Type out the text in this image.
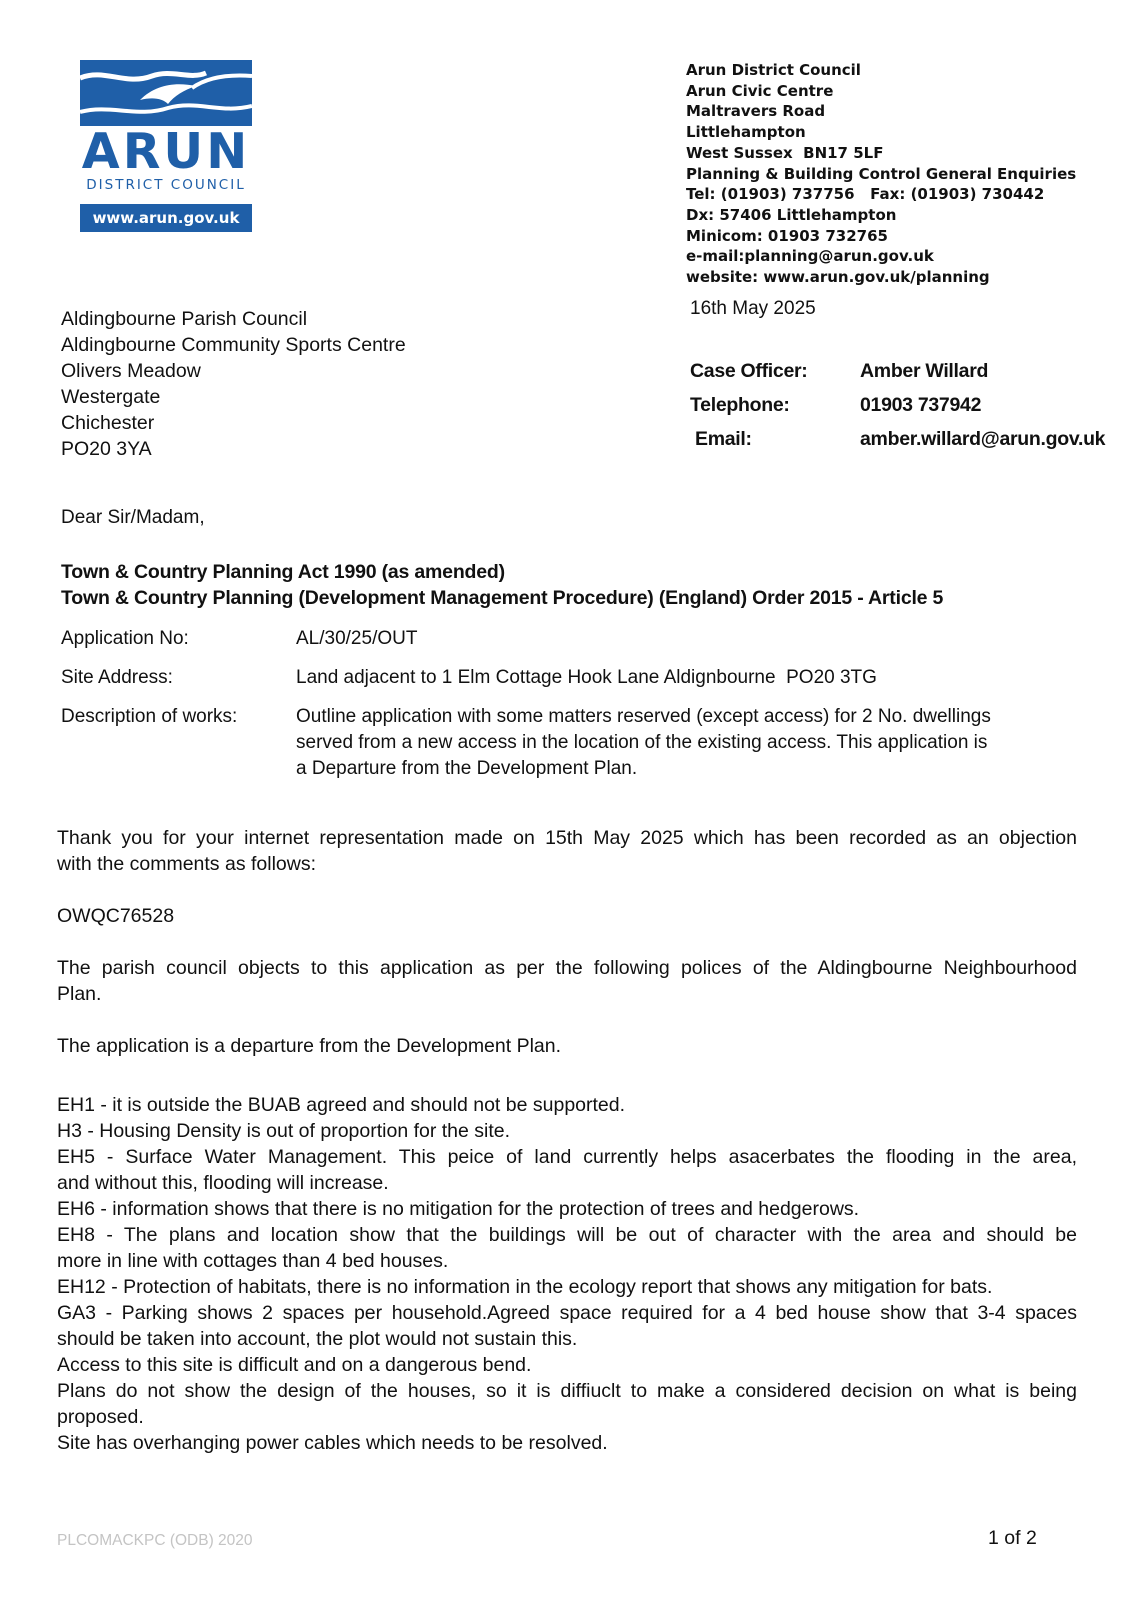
ARUN
DISTRICT COUNCIL
www.arun.gov.uk
Arun District Council
Arun Civic Centre
Maltravers Road
Littlehampton
West Sussex  BN17 5LF
Planning & Building Control General Enquiries
Tel: (01903) 737756   Fax: (01903) 730442
Dx: 57406 Littlehampton
Minicom: 01903 732765
e-mail:planning@arun.gov.uk
website: www.arun.gov.uk/planning
16th May 2025
Aldingbourne Parish Council
Aldingbourne Community Sports Centre
Olivers Meadow
Westergate
Chichester
PO20 3YA
Case Officer:	Amber Willard
Telephone:	01903 737942
Email:	amber.willard@arun.gov.uk
Dear Sir/Madam,
Town & Country Planning Act 1990 (as amended)
Town & Country Planning (Development Management Procedure) (England) Order 2015 - Article 5
Application No:	AL/30/25/OUT
Site Address:	Land adjacent to 1 Elm Cottage Hook Lane Aldignbourne  PO20 3TG
Description of works:	Outline application with some matters reserved (except access) for 2 No. dwellings
served from a new access in the location of the existing access. This application is
a Departure from the Development Plan.
Thank you for your internet representation made on 15th May 2025 which has been recorded as an objection
with the comments as follows:
OWQC76528
The parish council objects to this application as per the following polices of the Aldingbourne Neighbourhood
Plan.
The application is a departure from the Development Plan.
EH1 - it is outside the BUAB agreed and should not be supported.
H3 - Housing Density is out of proportion for the site.
EH5 - Surface Water Management. This peice of land currently helps asacerbates the flooding in the area,
and without this, flooding will increase.
EH6 - information shows that there is no mitigation for the protection of trees and hedgerows.
EH8 - The plans and location show that the buildings will be out of character with the area and should be
more in line with cottages than 4 bed houses.
EH12 - Protection of habitats, there is no information in the ecology report that shows any mitigation for bats.
GA3 - Parking shows 2 spaces per household.Agreed space required for a 4 bed house show that 3-4 spaces
should be taken into account, the plot would not sustain this.
Access to this site is difficult and on a dangerous bend.
Plans do not show the design of the houses, so it is diffiuclt to make a considered decision on what is being
proposed.
Site has overhanging power cables which needs to be resolved.
PLCOMACKPC (ODB) 2020	1 of 2
